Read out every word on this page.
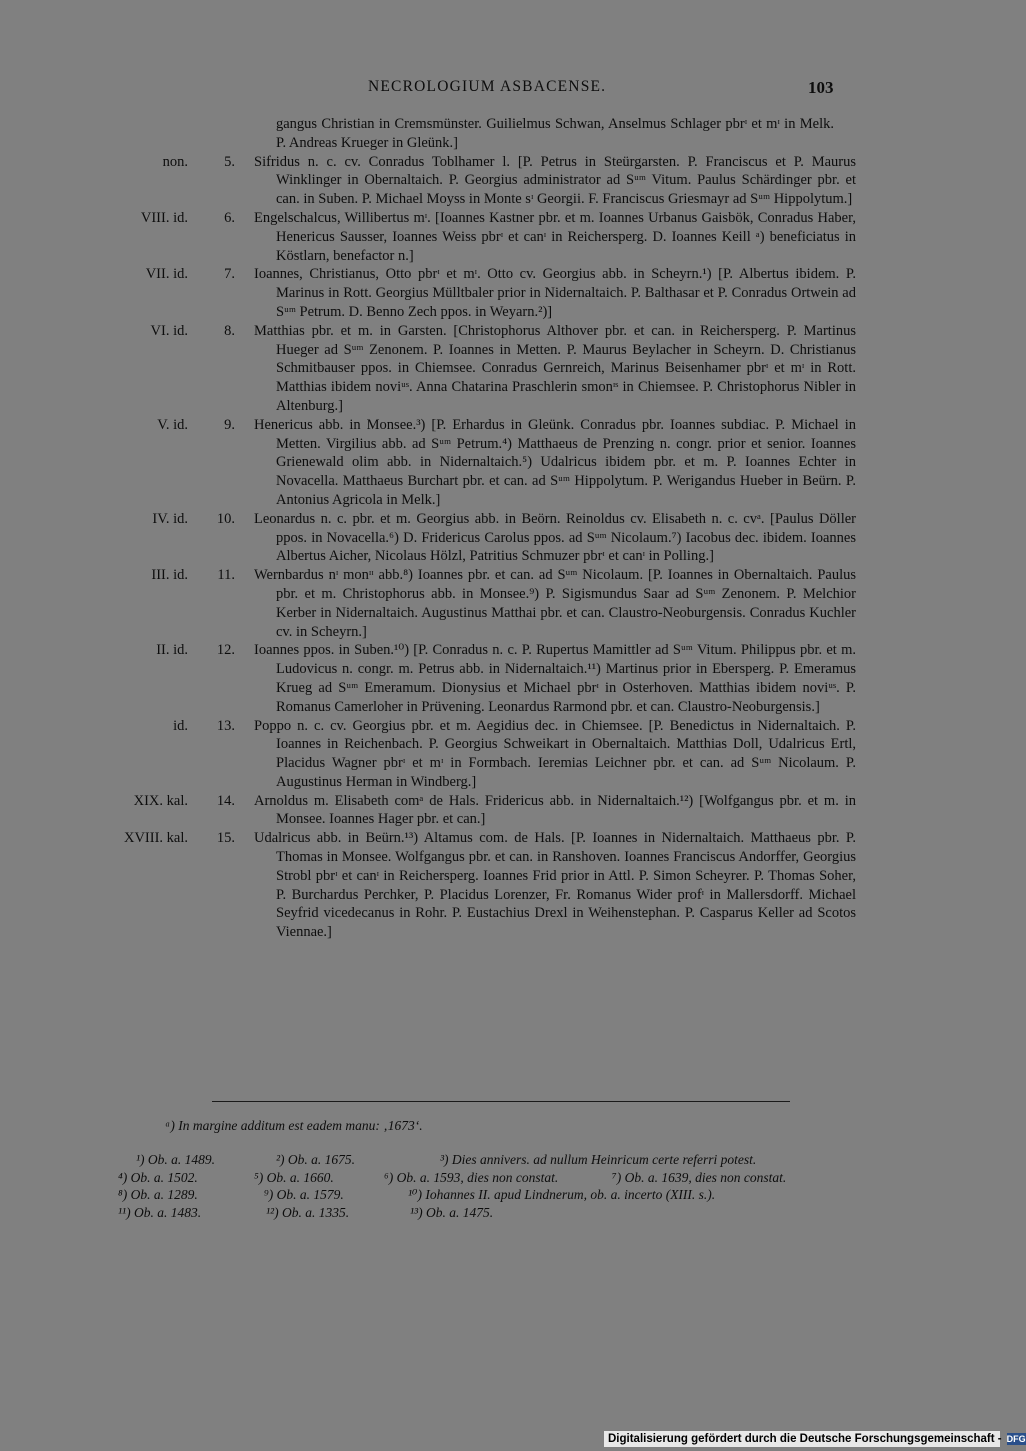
NECROLOGIUM ASBACENSE.	103
gangus Christian in Cremsmünster. Guilielmus Schwan, Anselmus Schlager pbrᶦ et mᶦ in Melk. P. Andreas Krueger in Gleünk.]
non. 5. Sifridus n. c. cv. Conradus Toblhamer l. [P. Petrus in Steürgarsten. P. Franciscus et P. Maurus Winklinger in Obernaltaich. P. Georgius administrator ad Sᵘᵐ Vitum. Paulus Schärdinger pbr. et can. in Suben. P. Michael Moyss in Monte sᶦ Georgii. F. Franciscus Griesmayr ad Sᵘᵐ Hippolytum.]
VIII. id. 6. Engelschalcus, Willibertus mᶦ. [Ioannes Kastner pbr. et m. Ioannes Urbanus Gaisbök, Conradus Haber, Henericus Sausser, Ioannes Weiss pbrᶦ et canᶦ in Reichersperg. D. Ioannes Keill ᵃ) beneficiatus in Köstlarn, benefactor n.]
VII. id. 7. Ioannes, Christianus, Otto pbrᶦ et mᶦ. Otto cv. Georgius abb. in Scheyrn.¹) [P. Albertus ibidem. P. Marinus in Rott. Georgius Mülltbaler prior in Nidernaltaich. P. Balthasar et P. Conradus Ortwein ad Sᵘᵐ Petrum. D. Benno Zech ppos. in Weyarn.²)]
VI. id. 8. Matthias pbr. et m. in Garsten. [Christophorus Althover pbr. et can. in Reichersperg. P. Martinus Hueger ad Sᵘᵐ Zenonem. P. Ioannes in Metten. P. Maurus Beylacher in Scheyrn. D. Christianus Schmitbauser ppos. in Chiemsee. Conradus Gernreich, Marinus Beisenhamer pbrᶦ et mᶦ in Rott. Matthias ibidem noviᵘˢ. Anna Chatarina Praschlerin smonᶦˢ in Chiemsee. P. Christophorus Nibler in Altenburg.]
V. id. 9. Henericus abb. in Monsee.³) [P. Erhardus in Gleünk. Conradus pbr. Ioannes subdiac. P. Michael in Metten. Virgilius abb. ad Sᵘᵐ Petrum.⁴) Matthaeus de Prenzing n. congr. prior et senior. Ioannes Grienewald olim abb. in Nidernaltaich.⁵) Udalricus ibidem pbr. et m. P. Ioannes Echter in Novacella. Matthaeus Burchart pbr. et can. ad Sᵘᵐ Hippolytum. P. Werigandus Hueber in Beürn. P. Antonius Agricola in Melk.]
IV. id. 10. Leonardus n. c. pbr. et m. Georgius abb. in Beörn. Reinoldus cv. Elisabeth n. c. cvᵃ. [Paulus Döller ppos. in Novacella.⁶) D. Fridericus Carolus ppos. ad Sᵘᵐ Nicolaum.⁷) Iacobus dec. ibidem. Ioannes Albertus Aicher, Nicolaus Hölzl, Patritius Schmuzer pbrᶦ et canᶦ in Polling.]
III. id. 11. Wernbardus nᶦ monᶦᶦ abb.⁸) Ioannes pbr. et can. ad Sᵘᵐ Nicolaum. [P. Ioannes in Obernaltaich. Paulus pbr. et m. Christophorus abb. in Monsee.⁹) P. Sigismundus Saar ad Sᵘᵐ Zenonem. P. Melchior Kerber in Nidernaltaich. Augustinus Matthai pbr. et can. Claustro-Neoburgensis. Conradus Kuchler cv. in Scheyrn.]
II. id. 12. Ioannes ppos. in Suben.¹⁰) [P. Conradus n. c. P. Rupertus Mamittler ad Sᵘᵐ Vitum. Philippus pbr. et m. Ludovicus n. congr. m. Petrus abb. in Nidernaltaich.¹¹) Martinus prior in Ebersperg. P. Emeramus Krueg ad Sᵘᵐ Emeramum. Dionysius et Michael pbrᶦ in Osterhoven. Matthias ibidem noviᵘˢ. P. Romanus Camerloher in Prüvening. Leonardus Rarmond pbr. et can. Claustro-Neoburgensis.]
id. 13. Poppo n. c. cv. Georgius pbr. et m. Aegidius dec. in Chiemsee. [P. Benedictus in Nidernaltaich. P. Ioannes in Reichenbach. P. Georgius Schweikart in Obernaltaich. Matthias Doll, Udalricus Ertl, Placidus Wagner pbrᶦ et mᶦ in Formbach. Ieremias Leichner pbr. et can. ad Sᵘᵐ Nicolaum. P. Augustinus Herman in Windberg.]
XIX. kal. 14. Arnoldus m. Elisabeth comᵃ de Hals. Fridericus abb. in Nidernaltaich.¹²) [Wolfgangus pbr. et m. in Monsee. Ioannes Hager pbr. et can.]
XVIII. kal. 15. Udalricus abb. in Beürn.¹³) Altamus com. de Hals. [P. Ioannes in Nidernaltaich. Matthaeus pbr. P. Thomas in Monsee. Wolfgangus pbr. et can. in Ranshoven. Ioannes Franciscus Andorffer, Georgius Strobl pbrᶦ et canᶦ in Reichersperg. Ioannes Frid prior in Attl. P. Simon Scheyrer. P. Thomas Soher, P. Burchardus Perchker, P. Placidus Lorenzer, Fr. Romanus Wider profᶦ in Mallersdorff. Michael Seyfrid vicedecanus in Rohr. P. Eustachius Drexl in Weihenstephan. P. Casparus Keller ad Scotos Viennae.]
ᵃ) In margine additum est eadem manu: ‚1673‘.
¹) Ob. a. 1489.	²) Ob. a. 1675.	³) Dies annivers. ad nullum Heinricum certe referri potest.
⁴) Ob. a. 1502.	⁵) Ob. a. 1660.	⁶) Ob. a. 1593, dies non constat.	⁷) Ob. a. 1639, dies non constat.
⁸) Ob. a. 1289.	⁹) Ob. a. 1579.	¹⁰) Iohannes II. apud Lindnerum, ob. a. incerto (XIII. s.).
¹¹) Ob. a. 1483.	¹²) Ob. a. 1335.	¹³) Ob. a. 1475.
Digitalisierung gefördert durch die Deutsche Forschungsgemeinschaft - DFG
